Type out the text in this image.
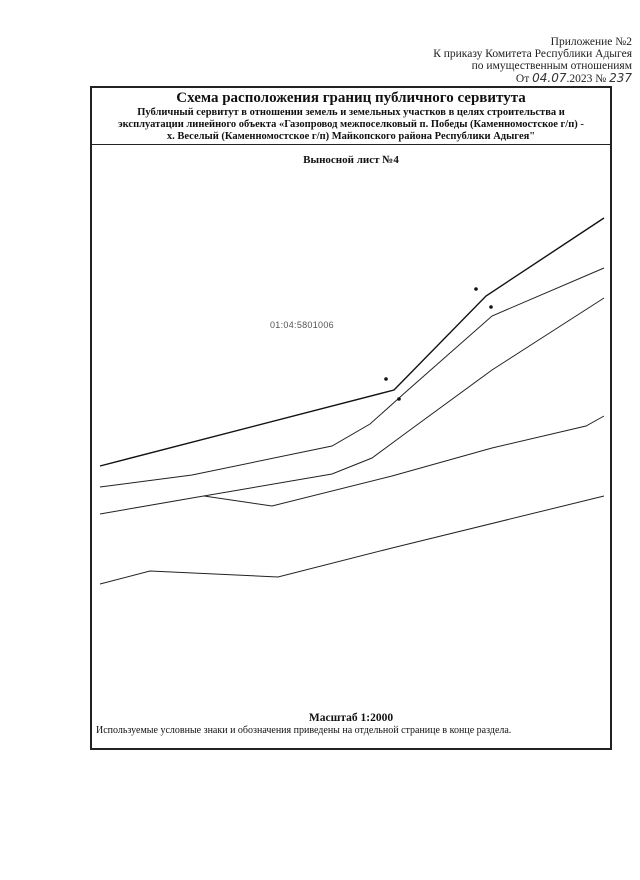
Приложение №2
К приказу Комитета Республики Адыгея
по имущественным отношениям
От 04.07.2023 № 237
Схема расположения границ публичного сервитута
Публичный сервитут в отношении земель и земельных участков в целях строительства и
эксплуатации линейного объекта «Газопровод межпоселковый п. Победы (Каменномостское г/п) -
х. Веселый (Каменномостское г/п) Майкопского района Республики Адыгея"
Выносной лист №4
01:04:5801006
Масштаб 1:2000
Используемые условные знаки и обозначения приведены на отдельной странице в конце раздела.
